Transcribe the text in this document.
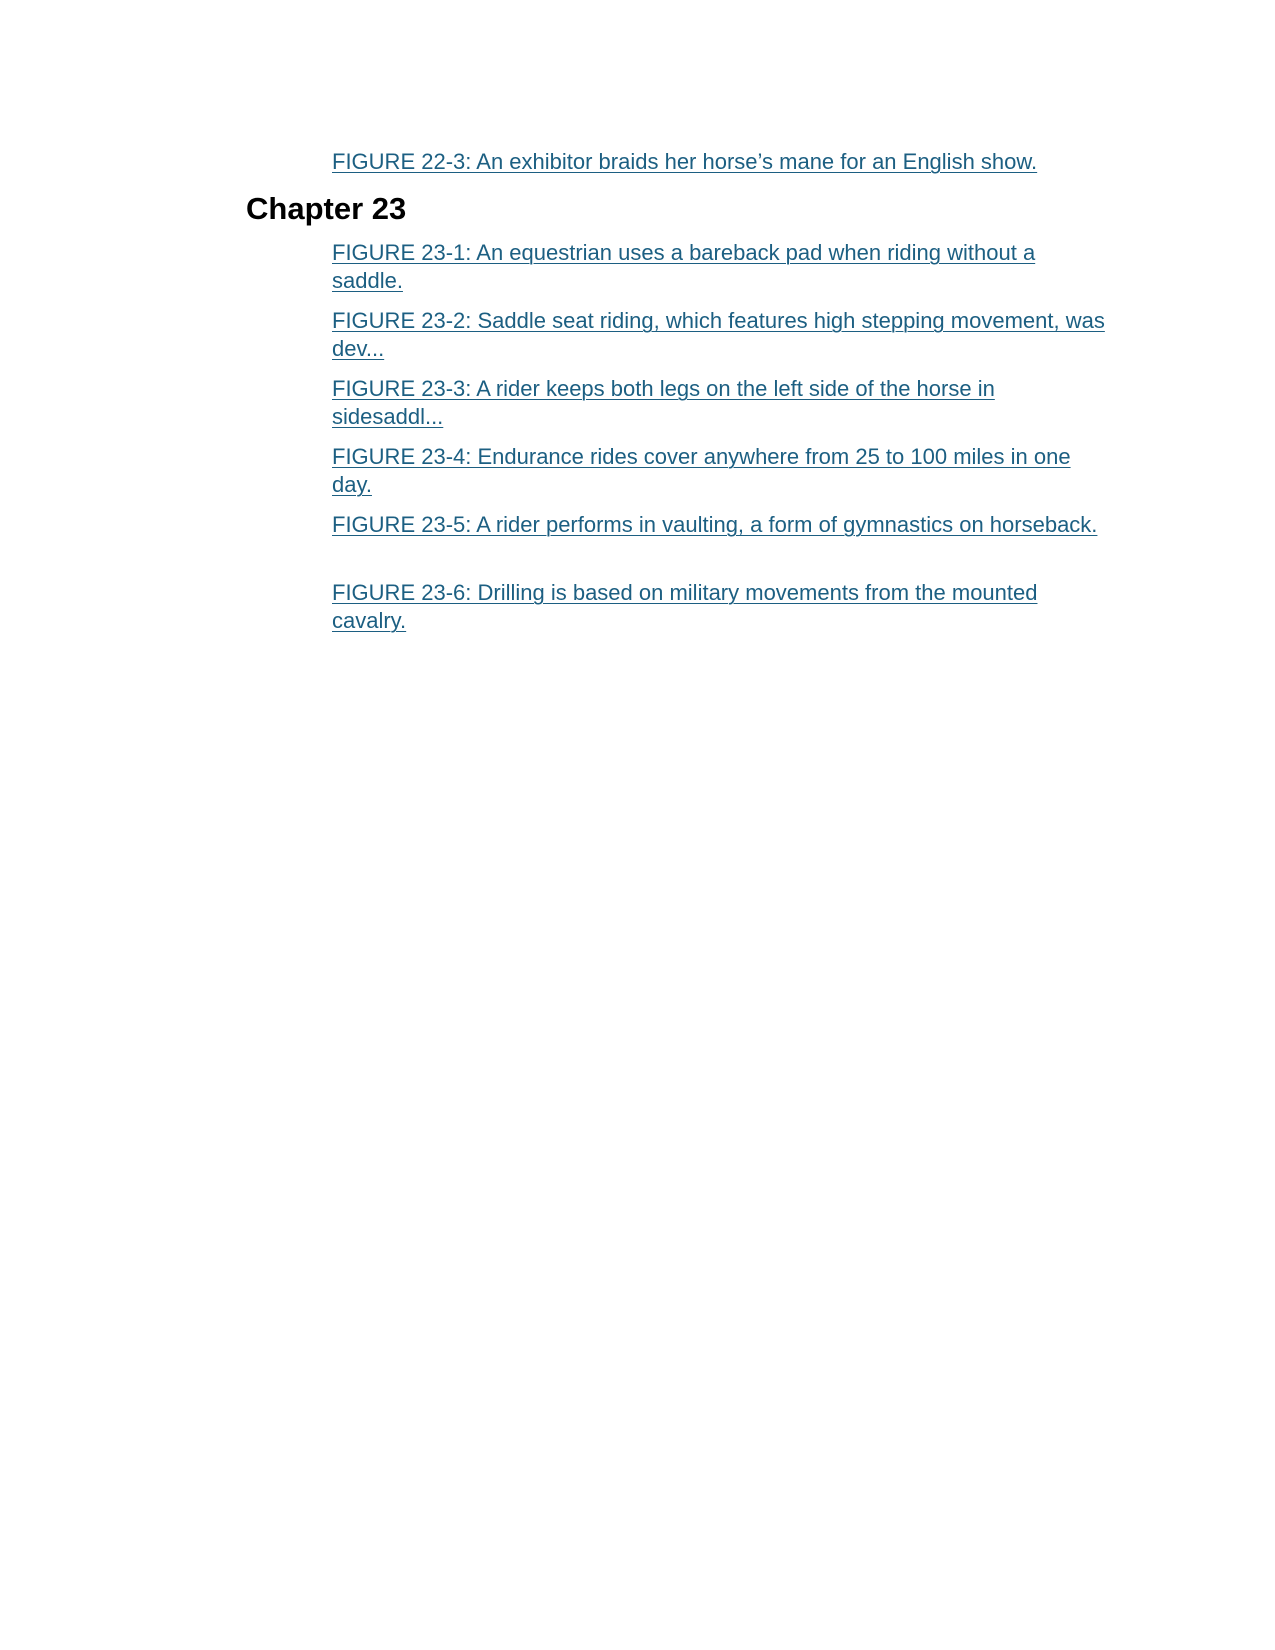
FIGURE 22-3: An exhibitor braids her horse’s mane for an English show.
Chapter 23
FIGURE 23-1: An equestrian uses a bareback pad when riding without a saddle.
FIGURE 23-2: Saddle seat riding, which features high stepping movement, was dev...
FIGURE 23-3: A rider keeps both legs on the left side of the horse in sidesaddl...
FIGURE 23-4: Endurance rides cover anywhere from 25 to 100 miles in one day.
FIGURE 23-5: A rider performs in vaulting, a form of gymnastics on horseback.
FIGURE 23-6: Drilling is based on military movements from the mounted cavalry.
